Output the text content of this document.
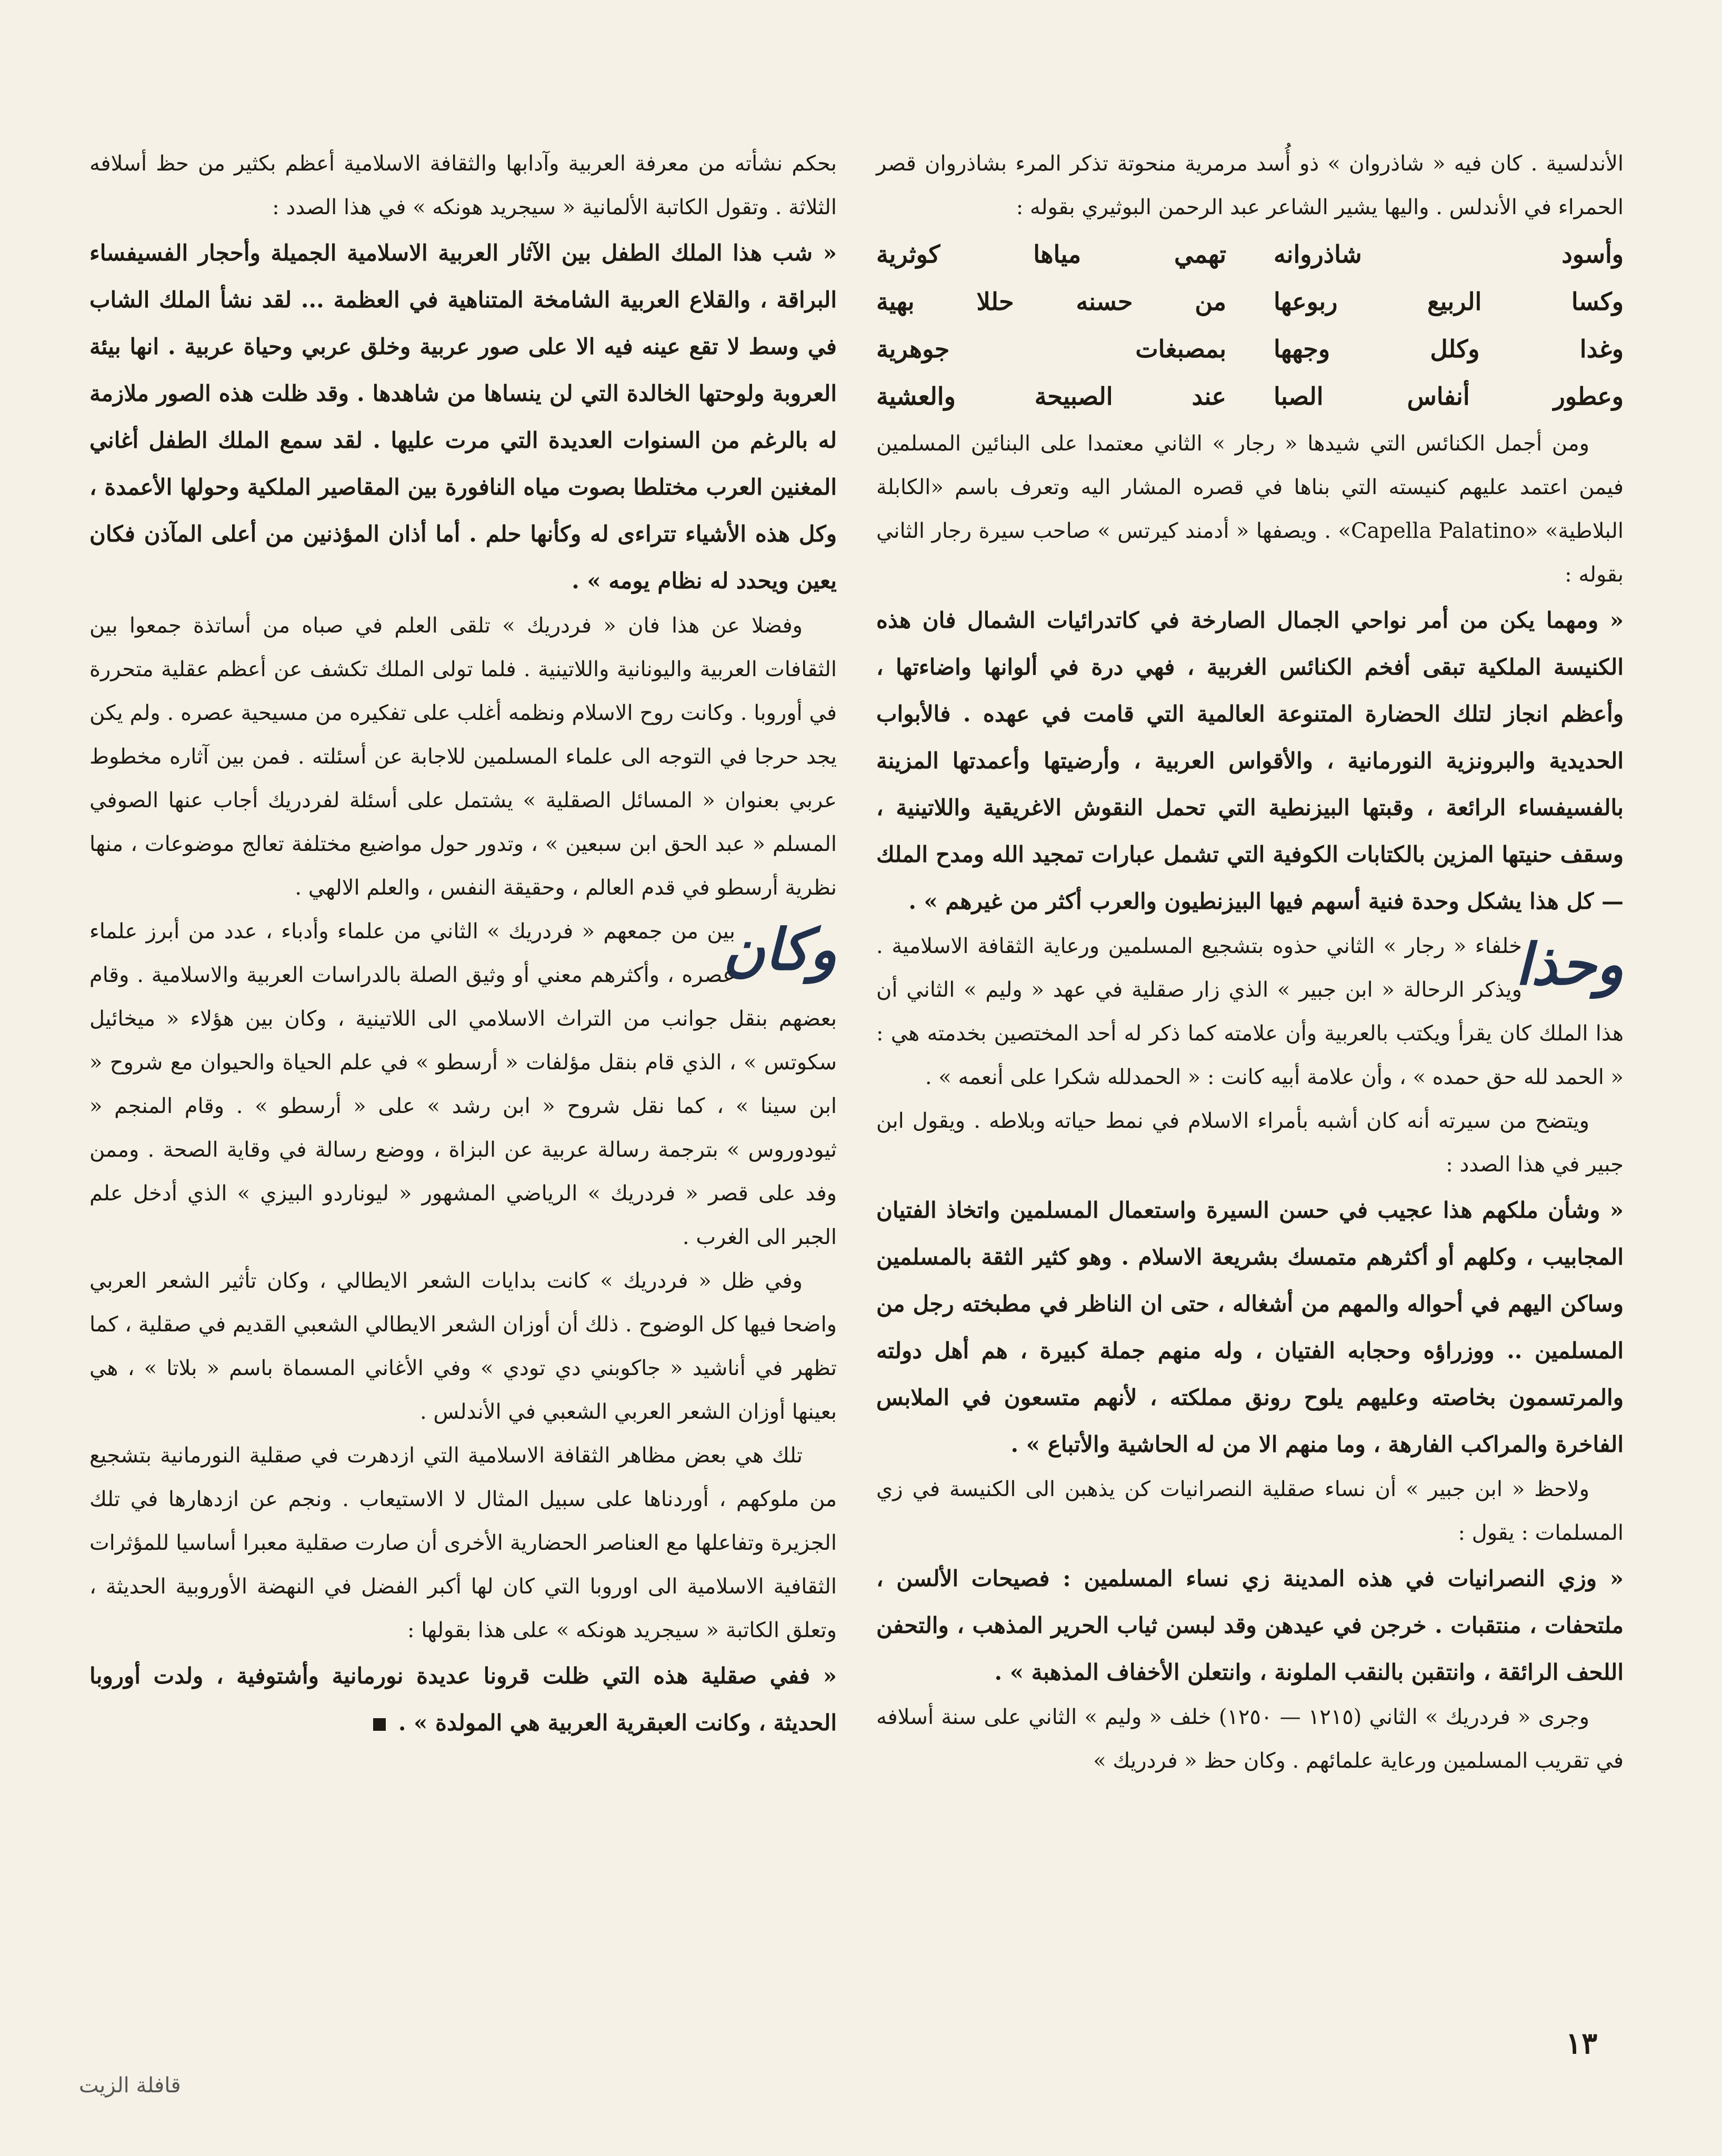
الأندلسية . كان فيه « شاذروان » ذو أُسد مرمرية منحوتة تذكر المرء بشاذروان قصر الحمراء في الأندلس . واليها يشير الشاعر عبد الرحمن البوثيري بقوله :

وأسود شاذروانه
تهمي مياها كوثرية
وكسا الربيع ربوعها
من حسنه حللا بهية
وغدا وكلل وجهها
بمصبغات جوهرية
وعطور أنفاس الصبا
عند الصبيحة والعشية

ومن أجمل الكنائس التي شيدها « رجار » الثاني معتمدا على البنائين المسلمين فيمن اعتمد عليهم كنيسته التي بناها في قصره المشار اليه وتعرف باسم «الكابلة البلاطية» «Capella Palatino» . ويصفها « أدمند كيرتس » صاحب سيرة رجار الثاني بقوله :

« ومهما يكن من أمر نواحي الجمال الصارخة في كاتدرائيات الشمال فان هذه الكنيسة الملكية تبقى أفخم الكنائس الغربية ، فهي درة في ألوانها واضاءتها ، وأعظم انجاز لتلك الحضارة المتنوعة العالمية التي قامت في عهده . فالأبواب الحديدية والبرونزية النورمانية ، والأقواس العربية ، وأرضيتها وأعمدتها المزينة بالفسيفساء الرائعة ، وقبتها البيزنطية التي تحمل النقوش الاغريقية واللاتينية ، وسقف حنيتها المزين بالكتابات الكوفية التي تشمل عبارات تمجيد الله ومدح الملك — كل هذا يشكل وحدة فنية أسهم فيها البيزنطيون والعرب أكثر من غيرهم » .

وحذا

خلفاء « رجار » الثاني حذوه بتشجيع المسلمين ورعاية الثقافة الاسلامية . ويذكر الرحالة « ابن جبير » الذي زار صقلية في عهد « وليم » الثاني أن هذا الملك كان يقرأ ويكتب بالعربية وأن علامته كما ذكر له أحد المختصين بخدمته هي : « الحمد لله حق حمده » ، وأن علامة أبيه كانت : « الحمدلله شكرا على أنعمه » .

ويتضح من سيرته أنه كان أشبه بأمراء الاسلام في نمط حياته وبلاطه . ويقول ابن جبير في هذا الصدد :

« وشأن ملكهم هذا عجيب في حسن السيرة واستعمال المسلمين واتخاذ الفتيان المجابيب ، وكلهم أو أكثرهم متمسك بشريعة الاسلام . وهو كثير الثقة بالمسلمين وساكن اليهم في أحواله والمهم من أشغاله ، حتى ان الناظر في مطبخته رجل من المسلمين .. ووزراؤه وحجابه الفتيان ، وله منهم جملة كبيرة ، هم أهل دولته والمرتسمون بخاصته وعليهم يلوح رونق مملكته ، لأنهم متسعون في الملابس الفاخرة والمراكب الفارهة ، وما منهم الا من له الحاشية والأتباع » .

ولاحظ « ابن جبير » أن نساء صقلية النصرانيات كن يذهبن الى الكنيسة في زي المسلمات : يقول :

« وزي النصرانيات في هذه المدينة زي نساء المسلمين : فصيحات الألسن ، ملتحفات ، منتقبات . خرجن في عيدهن وقد لبسن ثياب الحرير المذهب ، والتحفن اللحف الرائقة ، وانتقبن بالنقب الملونة ، وانتعلن الأخفاف المذهبة » .

وجرى « فردريك » الثاني (١٢١٥ — ١٢٥٠) خلف « وليم » الثاني على سنة أسلافه في تقريب المسلمين ورعاية علمائهم . وكان حظ « فردريك »

بحكم نشأته من معرفة العربية وآدابها والثقافة الاسلامية أعظم بكثير من حظ أسلافه الثلاثة . وتقول الكاتبة الألمانية « سيجريد هونكه » في هذا الصدد :

« شب هذا الملك الطفل بين الآثار العربية الاسلامية الجميلة وأحجار الفسيفساء البراقة ، والقلاع العربية الشامخة المتناهية في العظمة ... لقد نشأ الملك الشاب في وسط لا تقع عينه فيه الا على صور عربية وخلق عربي وحياة عربية . انها بيئة العروبة ولوحتها الخالدة التي لن ينساها من شاهدها . وقد ظلت هذه الصور ملازمة له بالرغم من السنوات العديدة التي مرت عليها . لقد سمع الملك الطفل أغاني المغنين العرب مختلطا بصوت مياه النافورة بين المقاصير الملكية وحولها الأعمدة ، وكل هذه الأشياء تتراءى له وكأنها حلم . أما أذان المؤذنين من أعلى المآذن فكان يعين ويحدد له نظام يومه » .

وفضلا عن هذا فان « فردريك » تلقى العلم في صباه من أساتذة جمعوا بين الثقافات العربية واليونانية واللاتينية . فلما تولى الملك تكشف عن أعظم عقلية متحررة في أوروبا . وكانت روح الاسلام ونظمه أغلب على تفكيره من مسيحية عصره . ولم يكن يجد حرجا في التوجه الى علماء المسلمين للاجابة عن أسئلته . فمن بين آثاره مخطوط عربي بعنوان « المسائل الصقلية » يشتمل على أسئلة لفردريك أجاب عنها الصوفي المسلم « عبد الحق ابن سبعين » ، وتدور حول مواضيع مختلفة تعالج موضوعات ، منها نظرية أرسطو في قدم العالم ، وحقيقة النفس ، والعلم الالهي .

وكان

بين من جمعهم « فردريك » الثاني من علماء وأدباء ، عدد من أبرز علماء عصره ، وأكثرهم معني أو وثيق الصلة بالدراسات العربية والاسلامية . وقام بعضهم بنقل جوانب من التراث الاسلامي الى اللاتينية ، وكان بين هؤلاء « ميخائيل سكوتس » ، الذي قام بنقل مؤلفات « أرسطو » في علم الحياة والحيوان مع شروح « ابن سينا » ، كما نقل شروح « ابن رشد » على « أرسطو » . وقام المنجم « ثيودوروس » بترجمة رسالة عربية عن البزاة ، ووضع رسالة في وقاية الصحة . وممن وفد على قصر « فردريك » الرياضي المشهور « ليوناردو البيزي » الذي أدخل علم الجبر الى الغرب .

وفي ظل « فردريك » كانت بدايات الشعر الايطالي ، وكان تأثير الشعر العربي واضحا فيها كل الوضوح . ذلك أن أوزان الشعر الايطالي الشعبي القديم في صقلية ، كما تظهر في أناشيد « جاكوبني دي تودي » وفي الأغاني المسماة باسم « بلاتا » ، هي بعينها أوزان الشعر العربي الشعبي في الأندلس .

تلك هي بعض مظاهر الثقافة الاسلامية التي ازدهرت في صقلية النورمانية بتشجيع من ملوكهم ، أوردناها على سبيل المثال لا الاستيعاب . ونجم عن ازدهارها في تلك الجزيرة وتفاعلها مع العناصر الحضارية الأخرى أن صارت صقلية معبرا أساسيا للمؤثرات الثقافية الاسلامية الى اوروبا التي كان لها أكبر الفضل في النهضة الأوروبية الحديثة ، وتعلق الكاتبة « سيجريد هونكه » على هذا بقولها :

« ففي صقلية هذه التي ظلت قرونا عديدة نورمانية وأشتوفية ، ولدت أوروبا الحديثة ، وكانت العبقرية العربية هي المولدة » .

١٣
قافلة الزيت
